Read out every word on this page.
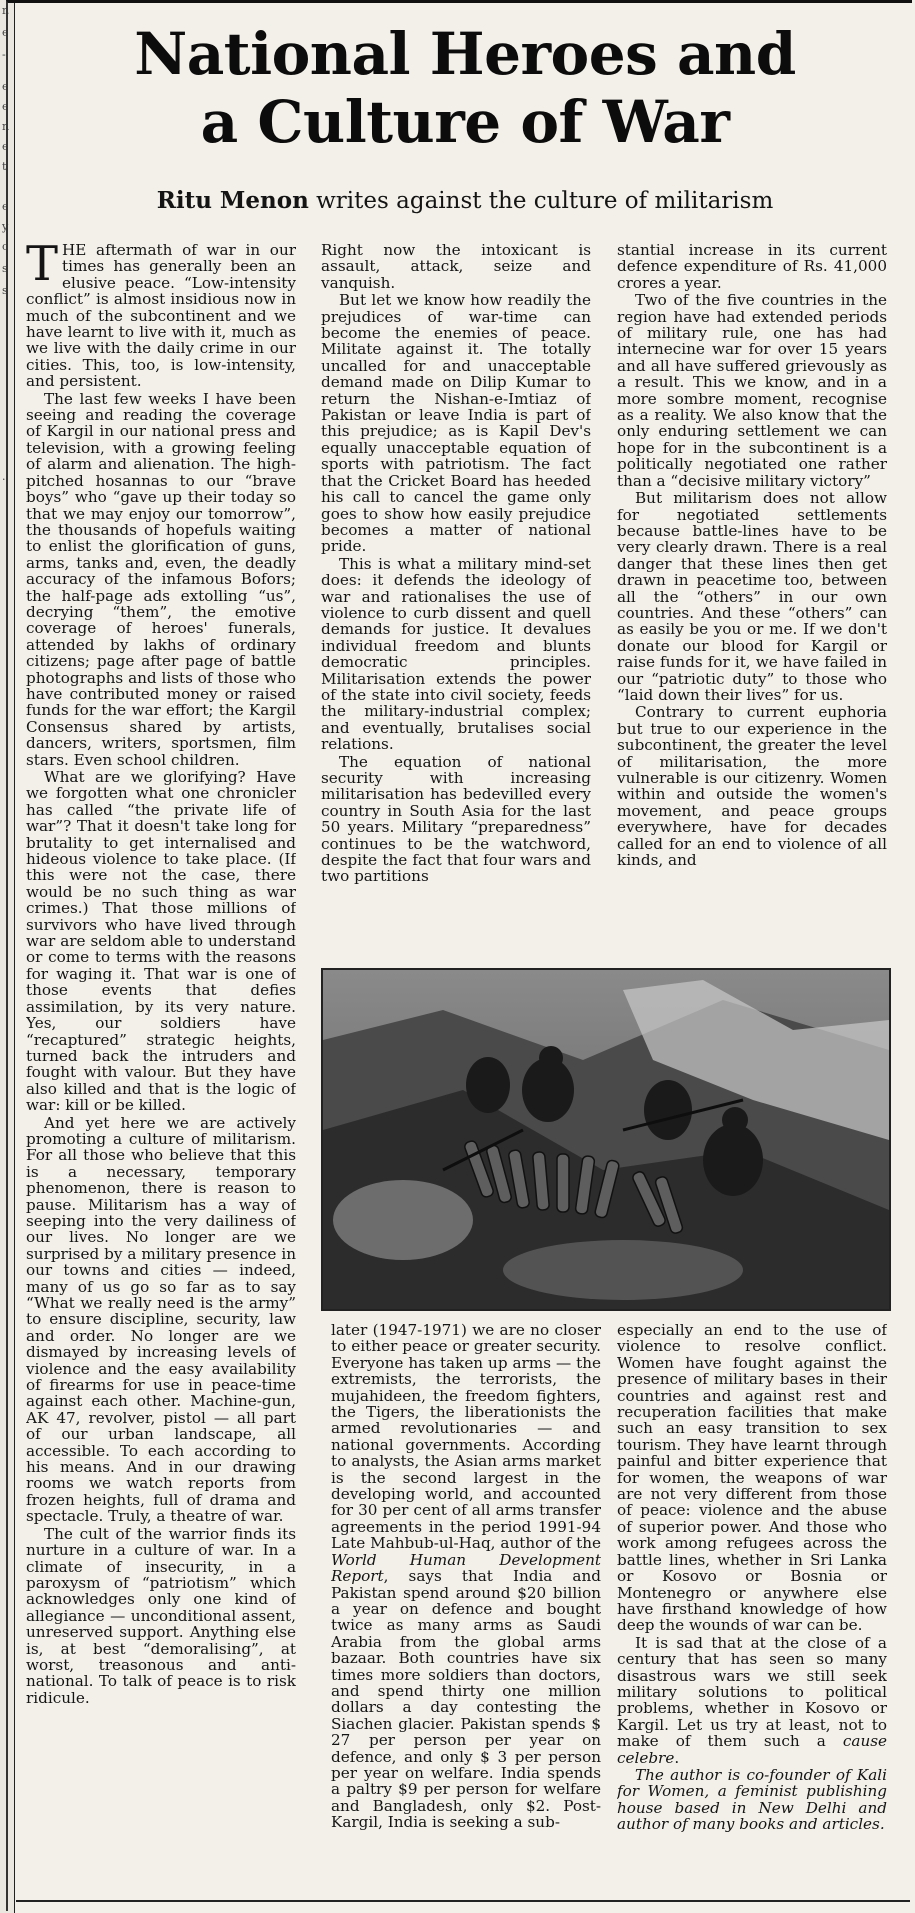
r.
e
-
e
e
n
e
t
e
y
o
s
s
.
National Heroes and
a Culture of War
Ritu Menon writes against the culture of militarism

THE aftermath of war in our times has generally been an elusive peace. “Low-intensity conflict” is almost insidious now in much of the subcontinent and we have learnt to live with it, much as we live with the daily crime in our cities. This, too, is low-intensity, and persistent.

The last few weeks I have been seeing and reading the coverage of Kargil in our national press and television, with a growing feeling of alarm and alienation. The high-pitched hosannas to our “brave boys” who “gave up their today so that we may enjoy our tomorrow”, the thousands of hopefuls waiting to enlist the glorification of guns, arms, tanks and, even, the deadly accuracy of the infamous Bofors; the half-page ads extolling “us”, decrying “them”, the emotive coverage of heroes' funerals, attended by lakhs of ordinary citizens; page after page of battle photographs and lists of those who have contributed money or raised funds for the war effort; the Kargil Consensus shared by artists, dancers, writers, sportsmen, film stars. Even school children.

What are we glorifying? Have we forgotten what one chronicler has called “the private life of war”? That it doesn't take long for brutality to get internalised and hideous violence to take place. (If this were not the case, there would be no such thing as war crimes.) That those millions of survivors who have lived through war are seldom able to understand or come to terms with the reasons for waging it. That war is one of those events that defies assimilation, by its very nature. Yes, our soldiers have “recaptured” strategic heights, turned back the intruders and fought with valour. But they have also killed and that is the logic of war: kill or be killed.

And yet here we are actively promoting a culture of militarism. For all those who believe that this is a necessary, temporary phenomenon, there is reason to pause. Militarism has a way of seeping into the very dailiness of our lives. No longer are we surprised by a military presence in our towns and cities — indeed, many of us go so far as to say “What we really need is the army” to ensure discipline, security, law and order. No longer are we dismayed by increasing levels of violence and the easy availability of firearms for use in peace-time against each other. Machine-gun, AK 47, revolver, pistol — all part of our urban landscape, all accessible. To each according to his means. And in our drawing rooms we watch reports from frozen heights, full of drama and spectacle. Truly, a theatre of war.

The cult of the warrior finds its nurture in a culture of war. In a climate of insecurity, in a paroxysm of “patriotism” which acknowledges only one kind of allegiance — unconditional assent, unreserved support. Anything else is, at best “demoralising”, at worst, treasonous and anti-national. To talk of peace is to risk ridicule.

Right now the intoxicant is assault, attack, seize and vanquish.

But let we know how readily the prejudices of war-time can become the enemies of peace. Militate against it. The totally uncalled for and unacceptable demand made on Dilip Kumar to return the Nishan-e-Imtiaz of Pakistan or leave India is part of this prejudice; as is Kapil Dev's equally unacceptable equation of sports with patriotism. The fact that the Cricket Board has heeded his call to cancel the game only goes to show how easily prejudice becomes a matter of national pride.

This is what a military mind-set does: it defends the ideology of war and rationalises the use of violence to curb dissent and quell demands for justice. It devalues individual freedom and blunts democratic principles. Militarisation extends the power of the state into civil society, feeds the military-industrial complex; and eventually, brutalises social relations.

The equation of national security with increasing militarisation has bedevilled every country in South Asia for the last 50 years. Military “preparedness” continues to be the watchword, despite the fact that four wars and two partitions

stantial increase in its current defence expenditure of Rs. 41,000 crores a year.

Two of the five countries in the region have had extended periods of military rule, one has had internecine war for over 15 years and all have suffered grievously as a result. This we know, and in a more sombre moment, recognise as a reality. We also know that the only enduring settlement we can hope for in the subcontinent is a politically negotiated one rather than a “decisive military victory”

But militarism does not allow for negotiated settlements because battle-lines have to be very clearly drawn. There is a real danger that these lines then get drawn in peacetime too, between all the “others” in our own countries. And these “others” can as easily be you or me. If we don't donate our blood for Kargil or raise funds for it, we have failed in our “patriotic duty” to those who “laid down their lives” for us.

Contrary to current euphoria but true to our experience in the subcontinent, the greater the level of militarisation, the more vulnerable is our citizenry. Women within and outside the women's movement, and peace groups everywhere, have for decades called for an end to violence of all kinds, and

later (1947-1971) we are no closer to either peace or greater security. Everyone has taken up arms — the extremists, the terrorists, the mujahideen, the freedom fighters, the Tigers, the liberationists the armed revolutionaries — and national governments. According to analysts, the Asian arms market is the second largest in the developing world, and accounted for 30 per cent of all arms transfer agreements in the period 1991-94 Late Mahbub-ul-Haq, author of the World Human Development Report, says that India and Pakistan spend around $20 billion a year on defence and bought twice as many arms as Saudi Arabia from the global arms bazaar. Both countries have six times more soldiers than doctors, and spend thirty one million dollars a day contesting the Siachen glacier. Pakistan spends $ 27 per person per year on defence, and only $ 3 per person per year on welfare. India spends a paltry $9 per person for welfare and Bangladesh, only $2. Post-Kargil, India is seeking a sub-

especially an end to the use of violence to resolve conflict. Women have fought against the presence of military bases in their countries and against rest and recuperation facilities that make such an easy transition to sex tourism. They have learnt through painful and bitter experience that for women, the weapons of war are not very different from those of peace: violence and the abuse of superior power. And those who work among refugees across the battle lines, whether in Sri Lanka or Kosovo or Bosnia or Montenegro or anywhere else have firsthand knowledge of how deep the wounds of war can be.

It is sad that at the close of a century that has seen so many disastrous wars we still seek military solutions to political problems, whether in Kosovo or Kargil. Let us try at least, not to make of them such a cause celebre.

The author is co-founder of Kali for Women, a feminist publishing house based in New Delhi and author of many books and articles.
